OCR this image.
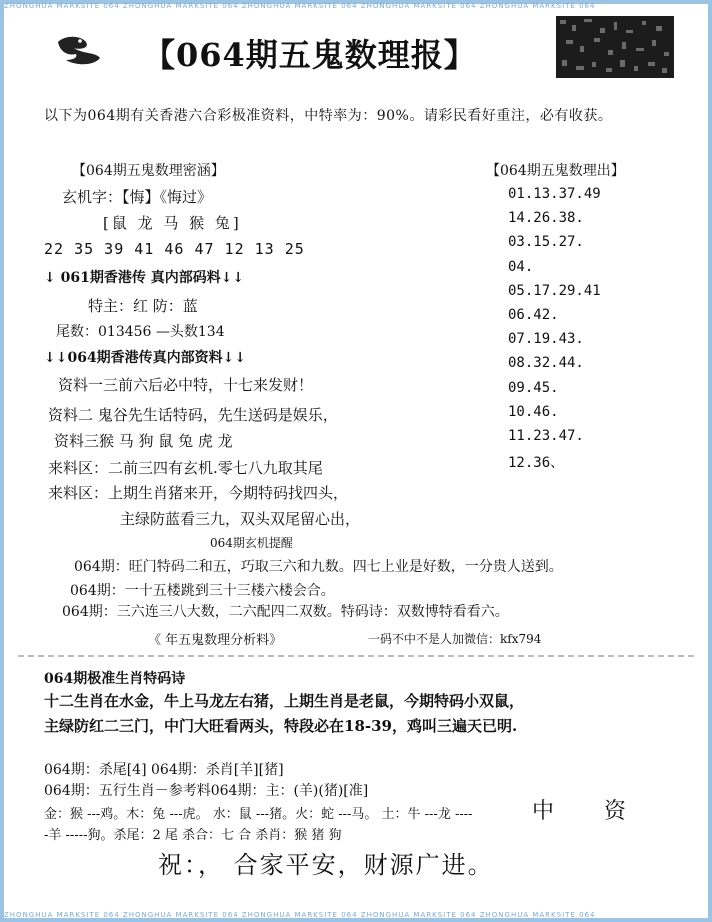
ZHONGHUA MARKSITE 064 ZHONGHUA MARKSITE 064 ZHONGHUA MARKSITE 064 ZHONGHUA MARKSITE 064 ZHONGHUA MARKSITE 064
ZHONGHUA MARKSITE 064 ZHONGHUA MARKSITE 064 ZHONGHUA MARKSITE 064 ZHONGHUA MARKSITE 064 ZHONGHUA MARKSITE 064
【064期五鬼数理报】
以下为064期有关香港六合彩极准资料，中特率为：90%。请彩民看好重注，必有收获。
【064期五鬼数理密涵】
玄机字：【悔】《悔过》
[鼠 龙 马 猴 兔]
22 35 39 41 46 47 12 13 25
↓ 061期香港传 真内部码料↓↓
特主：红 防：蓝
尾数：013456 —头数134
↓↓064期香港传真内部资料↓↓
资料一三前六后必中特，十七来发财！
资料二 鬼谷先生话特码，先生送码是娱乐，
资料三猴 马 狗 鼠 兔 虎 龙
来料区：二前三四有玄机.零七八九取其尾
来料区：上期生肖猪来开，今期特码找四头，
主绿防蓝看三九，双头双尾留心出，
064期玄机提醒
【064期五鬼数理出】
01.13.37.49
14.26.38.
03.15.27.
04.
05.17.29.41
06.42.
07.19.43.
08.32.44.
09.45.
10.46.
11.23.47.
12.36、
064期：旺门特码二和五，巧取三六和九数。四七上业是好数，一分贵人送到。
064期：一十五楼跳到三十三楼六楼会合。
064期：三六连三八大数，二六配四二双数。特码诗：双数博特看看六。
《 年五鬼数理分析料》	一码不中不是人加微信：kfx794
064期极准生肖特码诗
十二生肖在水金，牛上马龙左右猪，上期生肖是老鼠，今期特码小双鼠，
主绿防红二三门，中门大旺看两头，特段必在18-39，鸡叫三遍天已明.
064期：杀尾[4] 064期：杀肖[羊][猪]
064期：五行生肖－参考料064期：主：(羊)(猪)[准]
金：猴 ---鸡。木：兔 ---虎。 水：鼠 ---猪。火：蛇 ---马。 土：牛 ---龙 ----
-羊 -----狗。杀尾：2 尾 杀合：七 合 杀肖：猴 猪 狗
中 资
祝：， 合家平安，财源广进。
